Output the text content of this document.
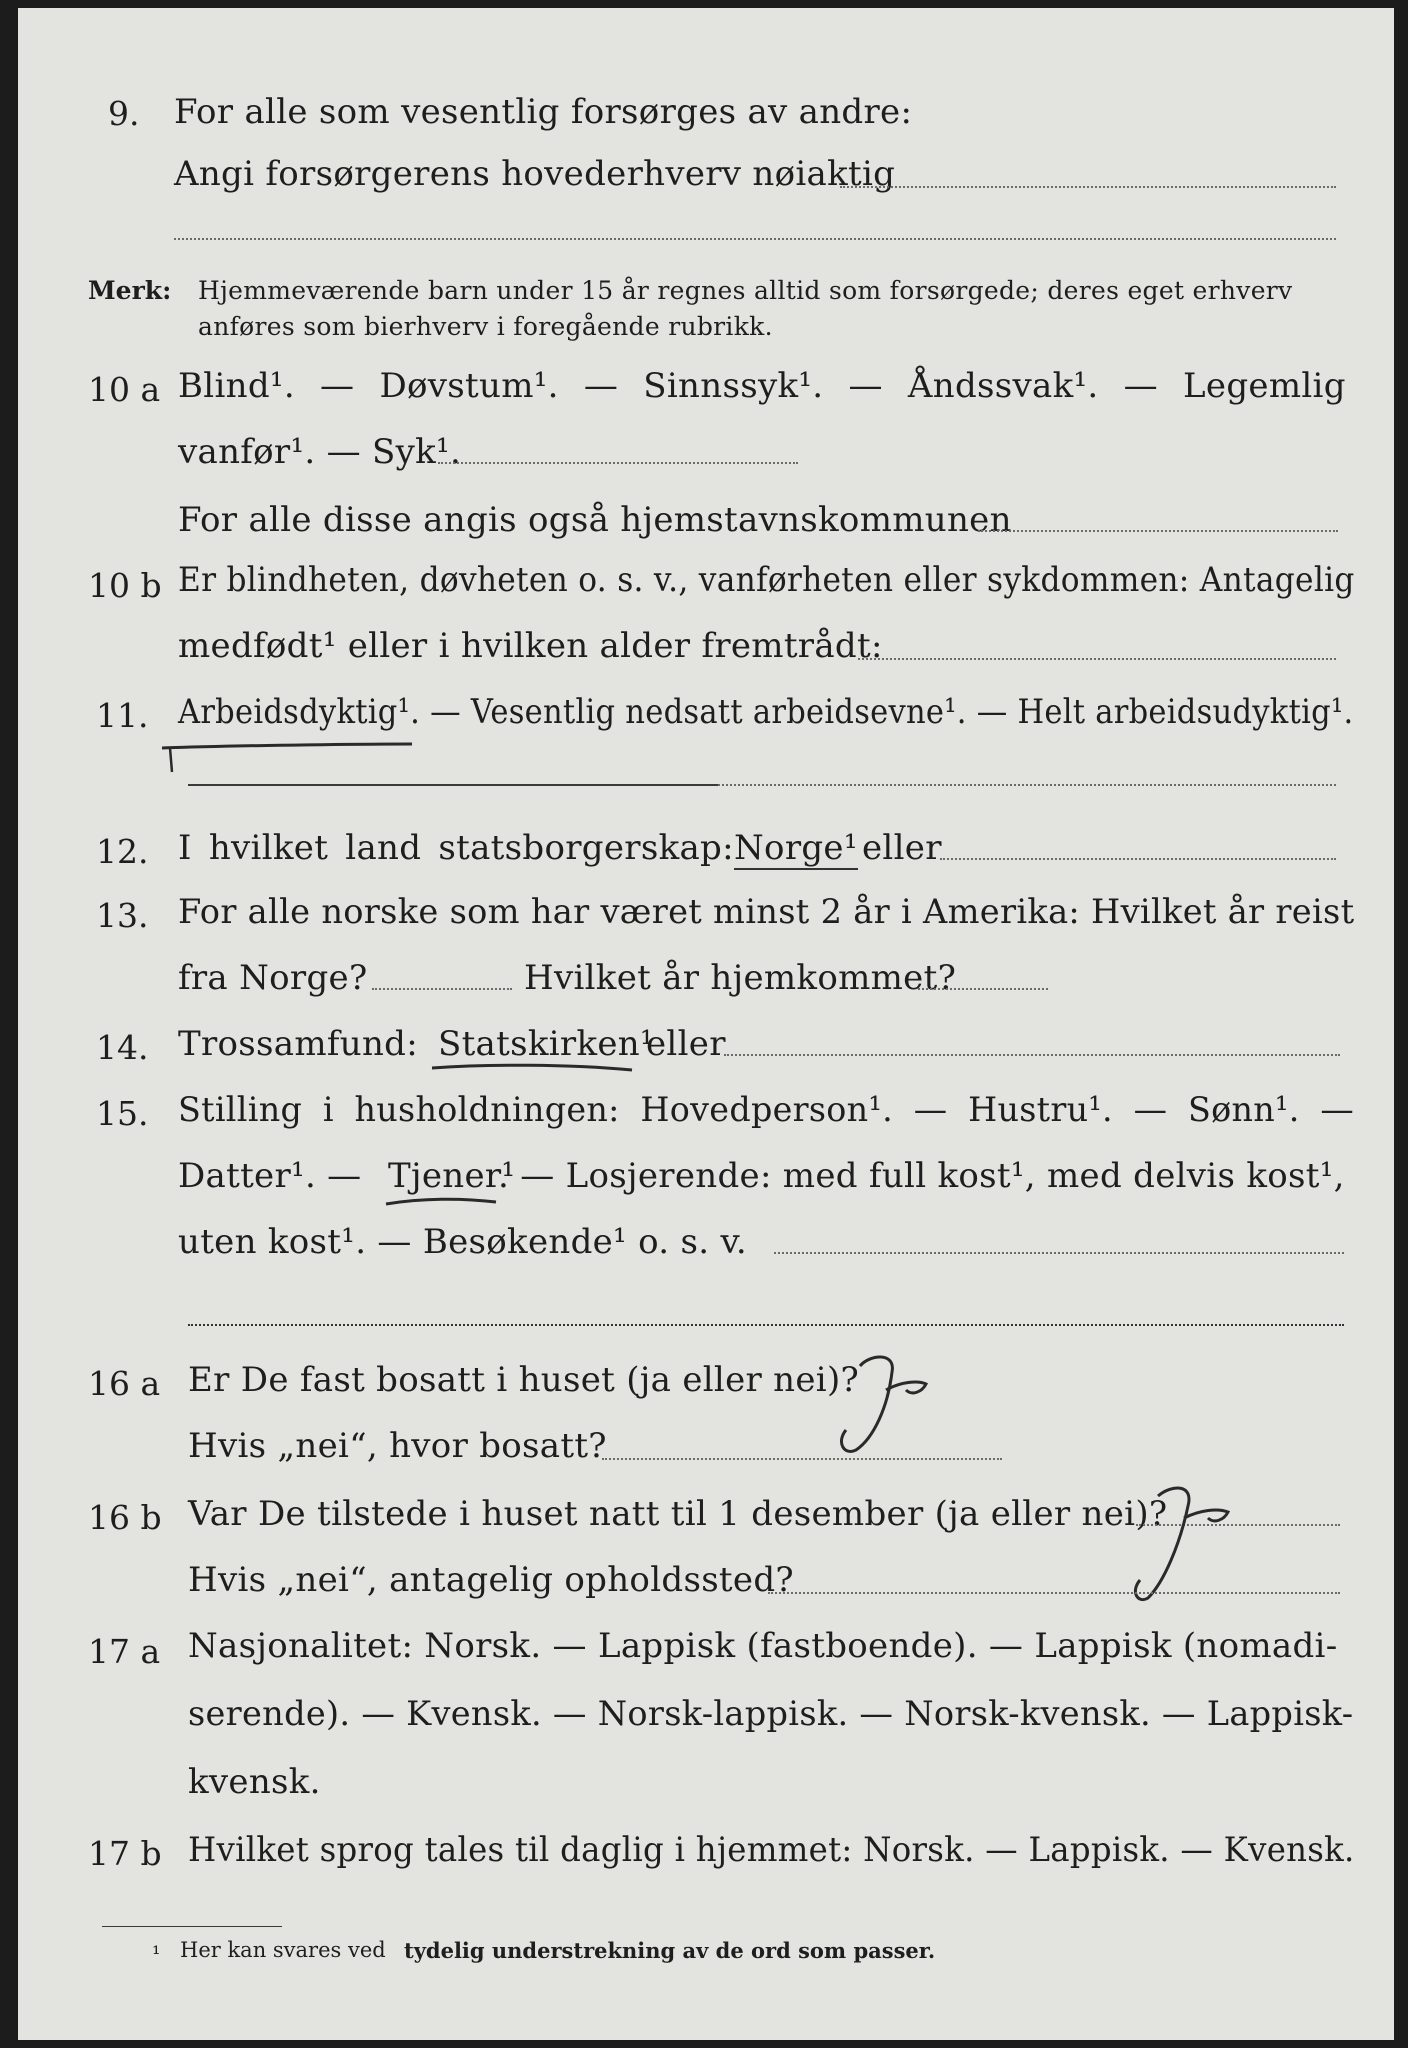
9. For alle som vesentlig forsørges av andre:
Angi forsørgerens hovederhverv nøiaktig
Merk: Hjemmeværende barn under 15 år regnes alltid som forsørgede; deres eget erhverv
anføres som bierhverv i foregående rubrikk.
10 a Blind¹. — Døvstum¹. — Sinnssyk¹. — Åndssvak¹. — Legemlig
vanfør¹. — Syk¹.
For alle disse angis også hjemstavnskommunen
10 b Er blindheten, døvheten o. s. v., vanførheten eller sykdommen: Antagelig
medfødt¹ eller i hvilken alder fremtrådt:
11. Arbeidsdyktig¹. — Vesentlig nedsatt arbeidsevne¹. — Helt arbeidsudyktig¹.
12. I hvilket land statsborgerskap: Norge¹ eller
13. For alle norske som har været minst 2 år i Amerika: Hvilket år reist
fra Norge?	Hvilket år hjemkommet?
14. Trossamfund: Statskirken¹
eller
15. Stilling i husholdningen: Hovedperson¹. — Hustru¹. — Sønn¹. —
Datter¹. — Tjener¹
. — Losjerende: med full kost¹, med delvis kost¹,
uten kost¹. — Besøkende¹ o. s. v.
16 a Er De fast bosatt i huset (ja eller nei)?
Hvis „nei“, hvor bosatt?
16 b Var De tilstede i huset natt til 1 desember (ja eller nei)?
Hvis „nei“, antagelig opholdssted?
17 a Nasjonalitet: Norsk. — Lappisk (fastboende). — Lappisk (nomadi-
serende). — Kvensk. — Norsk-lappisk. — Norsk-kvensk. — Lappisk-
kvensk.
17 b Hvilket sprog tales til daglig i hjemmet: Norsk. — Lappisk. — Kvensk.
¹ Her kan svares ved tydelig understrekning av de ord som passer.
